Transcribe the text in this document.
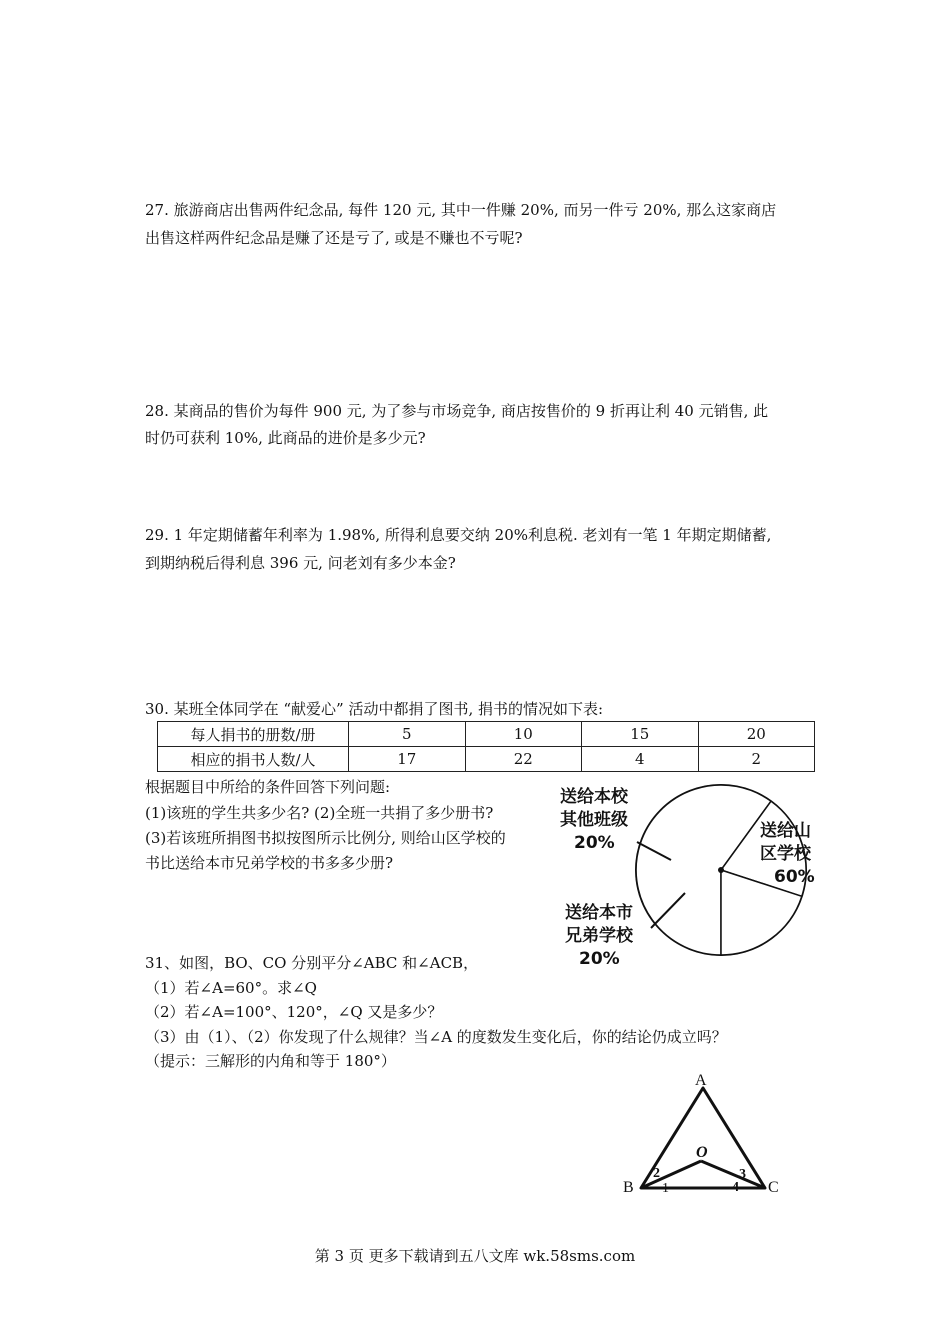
27. 旅游商店出售两件纪念品, 每件 120 元, 其中一件赚 20%, 而另一件亏 20%, 那么这家商店
出售这样两件纪念品是赚了还是亏了, 或是不赚也不亏呢?
28. 某商品的售价为每件 900 元, 为了参与市场竞争, 商店按售价的 9 折再让利 40 元销售, 此
时仍可获利 10%, 此商品的进价是多少元?
29. 1 年定期储蓄年利率为 1.98%, 所得利息要交纳 20%利息税. 老刘有一笔 1 年期定期储蓄,
到期纳税后得利息 396 元, 问老刘有多少本金?
30. 某班全体同学在 “献爱心” 活动中都捐了图书, 捐书的情况如下表:
每人捐书的册数/册	5	10	15	20
相应的捐书人数/人	17	22	4	2
根据题目中所给的条件回答下列问题:
(1)该班的学生共多少名? (2)全班一共捐了多少册书?
(3)若该班所捐图书拟按图所示比例分, 则给山区学校的
书比送给本市兄弟学校的书多多少册?
送给山
区学校
60%
送给本市
兄弟学校
20%
送给本校
其他班级
20%
31、如图，BO、CO 分别平分∠ABC 和∠ACB，
（1）若∠A=60°。求∠Q
（2）若∠A=100°、120°，∠Q 又是多少？
（3）由（1）、（2）你发现了什么规律？当∠A 的度数发生变化后，你的结论仍成立吗？
（提示：三解形的内角和等于 180°）
A
B	C
O
1
2	3
4
第 3 页 更多下载请到五八文库 wk.58sms.com
